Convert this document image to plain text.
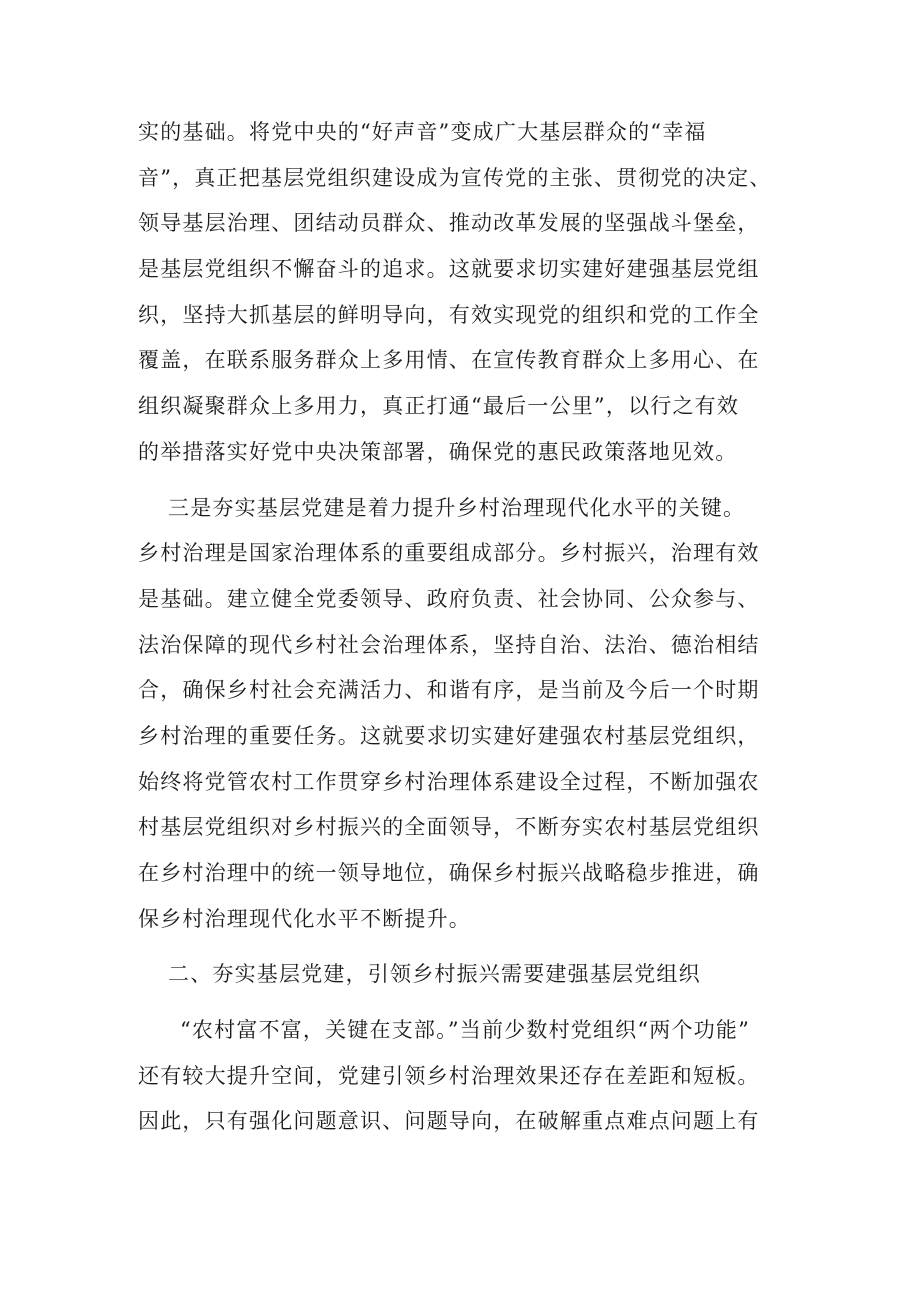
实的基础。将党中央的“好声音”变成广大基层群众的“幸福
音”，真正把基层党组织建设成为宣传党的主张、贯彻党的决定、
领导基层治理、团结动员群众、推动改革发展的坚强战斗堡垒，
是基层党组织不懈奋斗的追求。这就要求切实建好建强基层党组
织，坚持大抓基层的鲜明导向，有效实现党的组织和党的工作全
覆盖，在联系服务群众上多用情、在宣传教育群众上多用心、在
组织凝聚群众上多用力，真正打通“最后一公里”，以行之有效
的举措落实好党中央决策部署，确保党的惠民政策落地见效。
三是夯实基层党建是着力提升乡村治理现代化水平的关键。
乡村治理是国家治理体系的重要组成部分。乡村振兴，治理有效
是基础。建立健全党委领导、政府负责、社会协同、公众参与、
法治保障的现代乡村社会治理体系，坚持自治、法治、德治相结
合，确保乡村社会充满活力、和谐有序，是当前及今后一个时期
乡村治理的重要任务。这就要求切实建好建强农村基层党组织，
始终将党管农村工作贯穿乡村治理体系建设全过程，不断加强农
村基层党组织对乡村振兴的全面领导，不断夯实农村基层党组织
在乡村治理中的统一领导地位，确保乡村振兴战略稳步推进，确
保乡村治理现代化水平不断提升。
二、夯实基层党建，引领乡村振兴需要建强基层党组织
“农村富不富，关键在支部。”当前少数村党组织“两个功能”
还有较大提升空间，党建引领乡村治理效果还存在差距和短板。
因此，只有强化问题意识、问题导向，在破解重点难点问题上有
